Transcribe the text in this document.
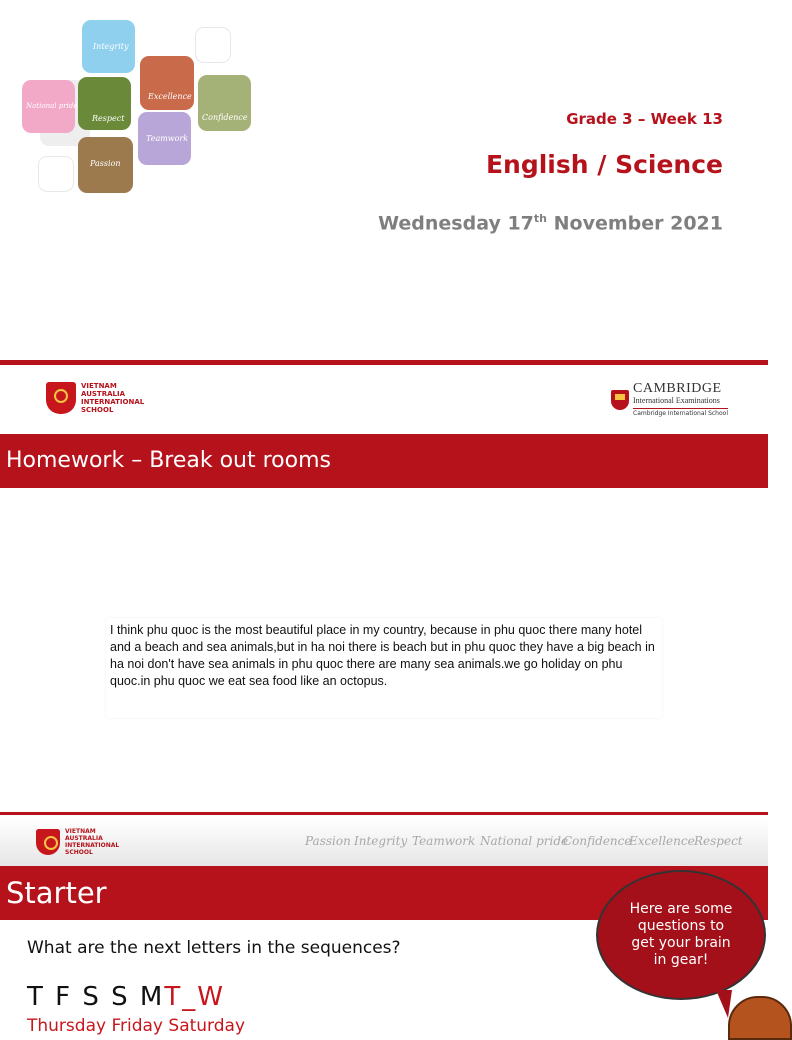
Integrity
National pride
Respect
Excellence
Confidence
Teamwork
Passion
Grade 3 – Week 13
English / Science
Wednesday 17th November 2021
VIETNAM
AUSTRALIA
INTERNATIONAL
SCHOOL
CAMBRIDGE
International Examinations
Cambridge International School
Homework – Break out rooms

I think phu quoc is the most beautiful place in my country, because in phu quoc there many hotel and a beach and sea animals,but in ha noi there is beach but in phu quoc they have a big beach in ha noi don't have sea animals in phu quoc there are many sea animals.we go holiday on phu quoc.in phu quoc we eat sea food like an octopus.

VIETNAM
AUSTRALIA
INTERNATIONAL
SCHOOL
Passion Integrity Teamwork National pride
Confidence
Excellence Respect
Starter
What are the next letters in the sequences?
T F S S MT_W
Thursday Friday Saturday
Here are some questions to get your brain in gear!
